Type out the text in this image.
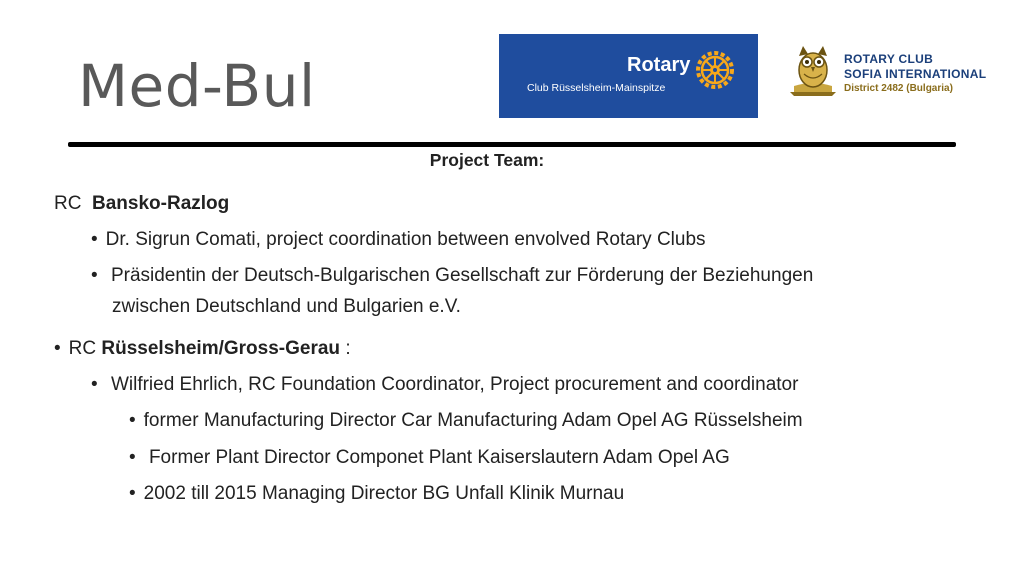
Med-Bul	Rotary
Club Rüsselsheim-Mainspitze
ROTARY CLUB
SOFIA INTERNATIONAL
District 2482 (Bulgaria)
Project Team:
RC Bansko-Razlog
• Dr. Sigrun Comati, project coordination between envolved Rotary Clubs
• Präsidentin der Deutsch-Bulgarischen Gesellschaft zur Förderung der Beziehungen
zwischen Deutschland und Bulgarien e.V.
• RC Rüsselsheim/Gross-Gerau :
• Wilfried Ehrlich, RC Foundation Coordinator, Project procurement and coordinator
• former Manufacturing Director Car Manufacturing Adam Opel AG Rüsselsheim
• Former Plant Director Componet Plant Kaiserslautern Adam Opel AG
• 2002 till 2015 Managing Director BG Unfall Klinik Murnau
